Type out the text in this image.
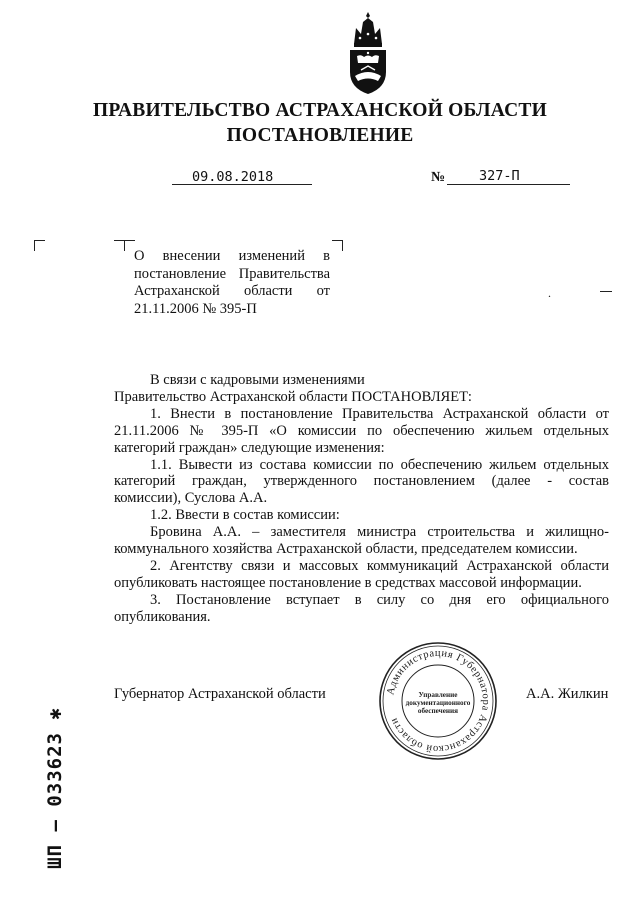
ПРАВИТЕЛЬСТВО АСТРАХАНСКОЙ ОБЛАСТИ
ПОСТАНОВЛЕНИЕ
09.08.2018	№	327-П
.
О внесении изменений в
постановление Правительства
Астраханской области от
21.11.2006 № 395-П
В связи с кадровыми изменениями
Правительство Астраханской области ПОСТАНОВЛЯЕТ:
1. Внести в постановление Правительства Астраханской области от
21.11.2006 № 395-П «О комиссии по обеспечению жильем отдельных
категорий граждан» следующие изменения:
1.1. Вывести из состава комиссии по обеспечению жильем отдельных
категорий граждан, утвержденного постановлением (далее - состав
комиссии), Суслова А.А.
1.2. Ввести в состав комиссии:
Бровина А.А. – заместителя министра строительства и жилищно-
коммунального хозяйства Астраханской области, председателем комиссии.
2. Агентству связи и массовых коммуникаций Астраханской области
опубликовать настоящее постановление в средствах массовой информации.
3. Постановление вступает в силу со дня его официального
опубликования.
Губернатор Астраханской области	А.А. Жилкин
Администрация Губернатора Астраханской области
Управление
документационного
обеспечения
ШП – 033623 ✱
